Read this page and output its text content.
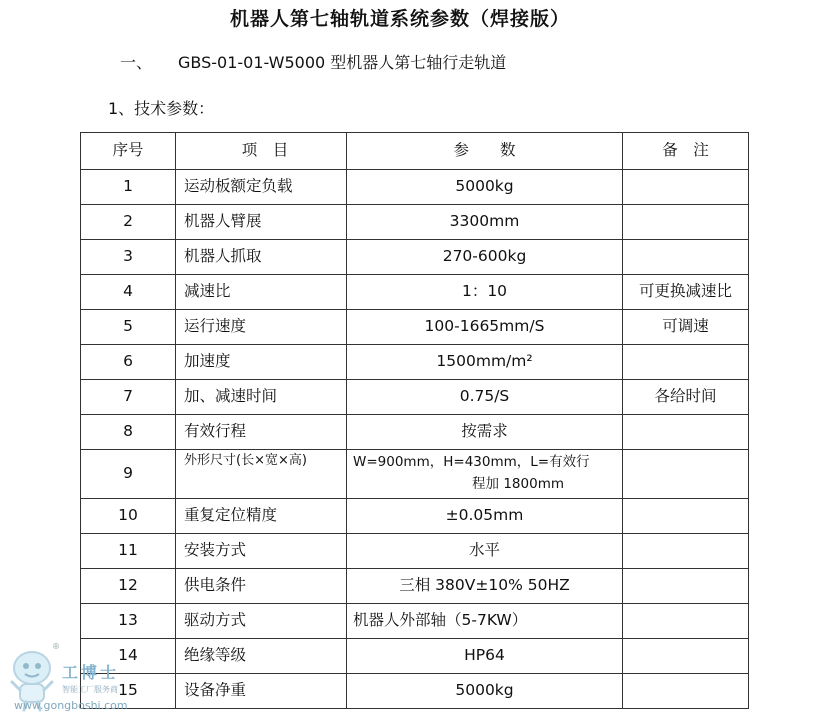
机器人第七轴轨道系统参数（焊接版）
一、 GBS-01-01-W5000 型机器人第七轴行走轨道
1、技术参数：
序号	项　目	参　　数	备　注
1	运动板额定负载	5000kg	
2	机器人臂展	3300mm	
3	机器人抓取	270-600kg	
4	减速比	1：10	可更换减速比
5	运行速度	100-1665mm/S	可调速
6	加速度	1500mm/m²	
7	加、减速时间	0.75/S	各给时间
8	有效行程	按需求	
9	外形尺寸(长×宽×高)	W=900mm，H=430mm，L=有效行
程加 1800mm	

10	重复定位精度	±0.05mm	
11	安装方式	水平	
12	供电条件	三相 380V±10% 50HZ	
13	驱动方式	机器人外部轴（5-7KW）	
14	绝缘等级	HP64	
15	设备净重	5000kg	
®
工博士
智能工厂服务商
www.gongboshi.com
